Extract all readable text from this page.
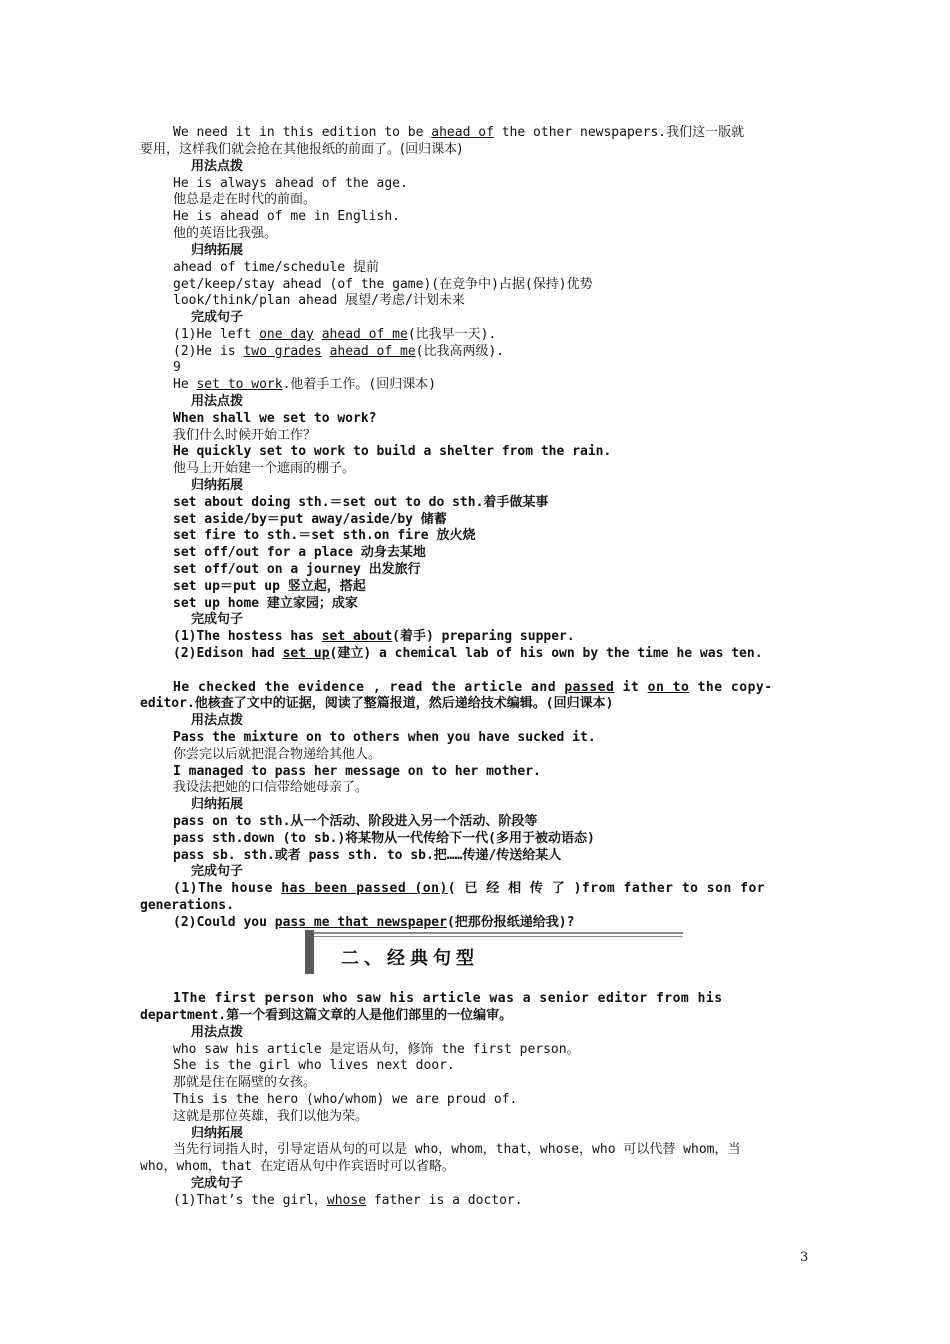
We need it in this edition to be ahead of the other newspapers.我们这一版就
要用，这样我们就会抢在其他报纸的前面了。(回归课本)
用法点拨
He is always ahead of the age.
他总是走在时代的前面。
He is ahead of me in English.
他的英语比我强。
归纳拓展
ahead of time/schedule 提前
get/keep/stay ahead (of the game)(在竞争中)占据(保持)优势
look/think/plan ahead 展望/考虑/计划未来
完成句子
(1)He left one day ahead of me(比我早一天).
(2)He is two grades ahead of me(比我高两级).
9
He set to work.他着手工作。(回归课本)
用法点拨
When shall we set to work?
我们什么时候开始工作？
He quickly set to work to build a shelter from the rain.
他马上开始建一个遮雨的棚子。
归纳拓展
set about doing sth.＝set out to do sth.着手做某事
set aside/by＝put away/aside/by 储蓄
set fire to sth.＝set sth.on fire 放火烧
set off/out for a place 动身去某地
set off/out on a journey 出发旅行
set up＝put up 竖立起，搭起
set up home 建立家园；成家
完成句子
(1)The hostess has set about(着手) preparing supper.
(2)Edison had set up(建立) a chemical lab of his own by the time he was ten.
He checked the evidence , read the article and passed it on to the copy-
editor.他核查了文中的证据，阅读了整篇报道，然后递给技术编辑。(回归课本)
用法点拨
Pass the mixture on to others when you have sucked it.
你尝完以后就把混合物递给其他人。
I managed to pass her message on to her mother.
我设法把她的口信带给她母亲了。
归纳拓展
pass on to sth.从一个活动、阶段进入另一个活动、阶段等
pass sth.down (to sb.)将某物从一代传给下一代(多用于被动语态)
pass sb. sth.或者 pass sth. to sb.把……传递/传送给某人
完成句子
(1)The house has been passed (on)( 已 经 相 传 了 )from father to son for
generations.
(2)Could you pass me that newspaper(把那份报纸递给我)?
二、经典句型
1The first person who saw his article was a senior editor from his
department.第一个看到这篇文章的人是他们部里的一位编审。
用法点拨
who saw his article 是定语从句，修饰 the first person。
She is the girl who lives next door.
那就是住在隔壁的女孩。
This is the hero (who/whom) we are proud of.
这就是那位英雄，我们以他为荣。
归纳拓展
当先行词指人时，引导定语从句的可以是 who，whom，that，whose，who 可以代替 whom，当
who，whom，that 在定语从句中作宾语时可以省略。
完成句子
(1)That’s the girl，whose father is a doctor.
3
